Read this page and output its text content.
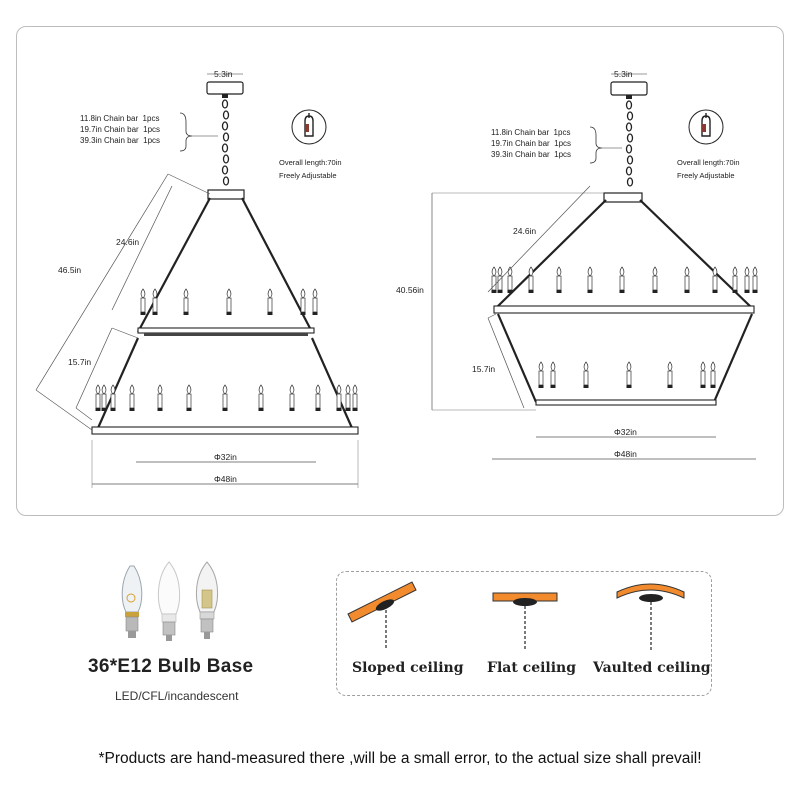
5.3in
11.8in Chain bar  1pcs
19.7in Chain bar  1pcs
39.3in Chain bar  1pcs
Overall length:70in
Freely Adjustable
46.5in
24.6in
15.7in
Φ32in
Φ48in
5.3in
11.8in Chain bar  1pcs
19.7in Chain bar  1pcs
39.3in Chain bar  1pcs
Overall length:70in
Freely Adjustable
40.56in
24.6in
15.7in
Φ32in
Φ48in
36*E12 Bulb Base
LED/CFL/incandescent
Sloped ceiling Flat ceiling Vaulted ceiling
*Products are hand-measured there ,will be a small error, to the actual size shall prevail!
